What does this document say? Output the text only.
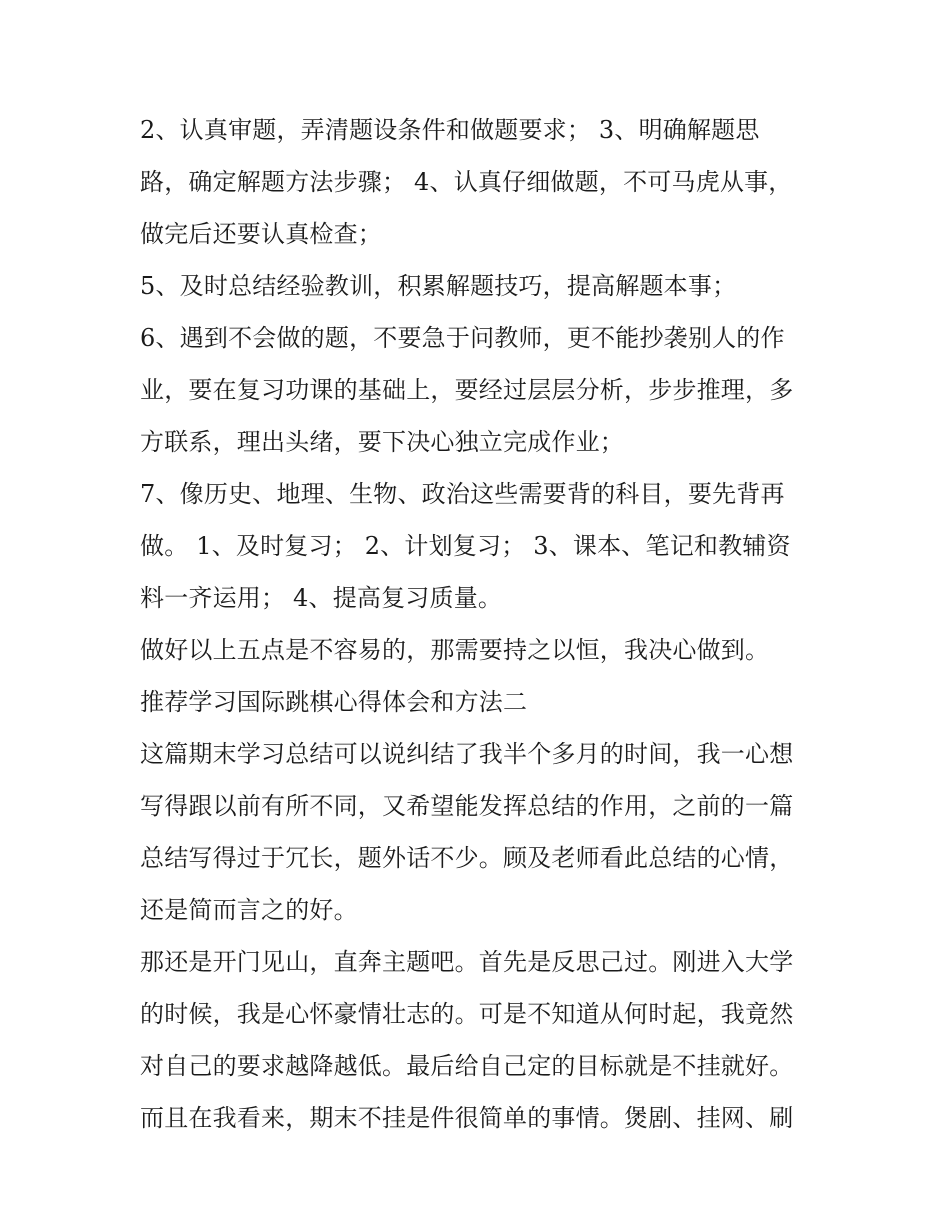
2、认真审题，弄清题设条件和做题要求； 3、明确解题思
路，确定解题方法步骤； 4、认真仔细做题，不可马虎从事，
做完后还要认真检查；
5、及时总结经验教训，积累解题技巧，提高解题本事；
6、遇到不会做的题，不要急于问教师，更不能抄袭别人的作
业，要在复习功课的基础上，要经过层层分析，步步推理，多
方联系，理出头绪，要下决心独立完成作业；
7、像历史、地理、生物、政治这些需要背的科目，要先背再
做。 1、及时复习； 2、计划复习； 3、课本、笔记和教辅资
料一齐运用； 4、提高复习质量。
做好以上五点是不容易的，那需要持之以恒，我决心做到。
推荐学习国际跳棋心得体会和方法二
这篇期末学习总结可以说纠结了我半个多月的时间，我一心想
写得跟以前有所不同，又希望能发挥总结的作用，之前的一篇
总结写得过于冗长，题外话不少。顾及老师看此总结的心情，
还是简而言之的好。
那还是开门见山，直奔主题吧。首先是反思己过。刚进入大学
的时候，我是心怀豪情壮志的。可是不知道从何时起，我竟然
对自己的要求越降越低。最后给自己定的目标就是不挂就好。
而且在我看来，期末不挂是件很简单的事情。煲剧、挂网、刷
